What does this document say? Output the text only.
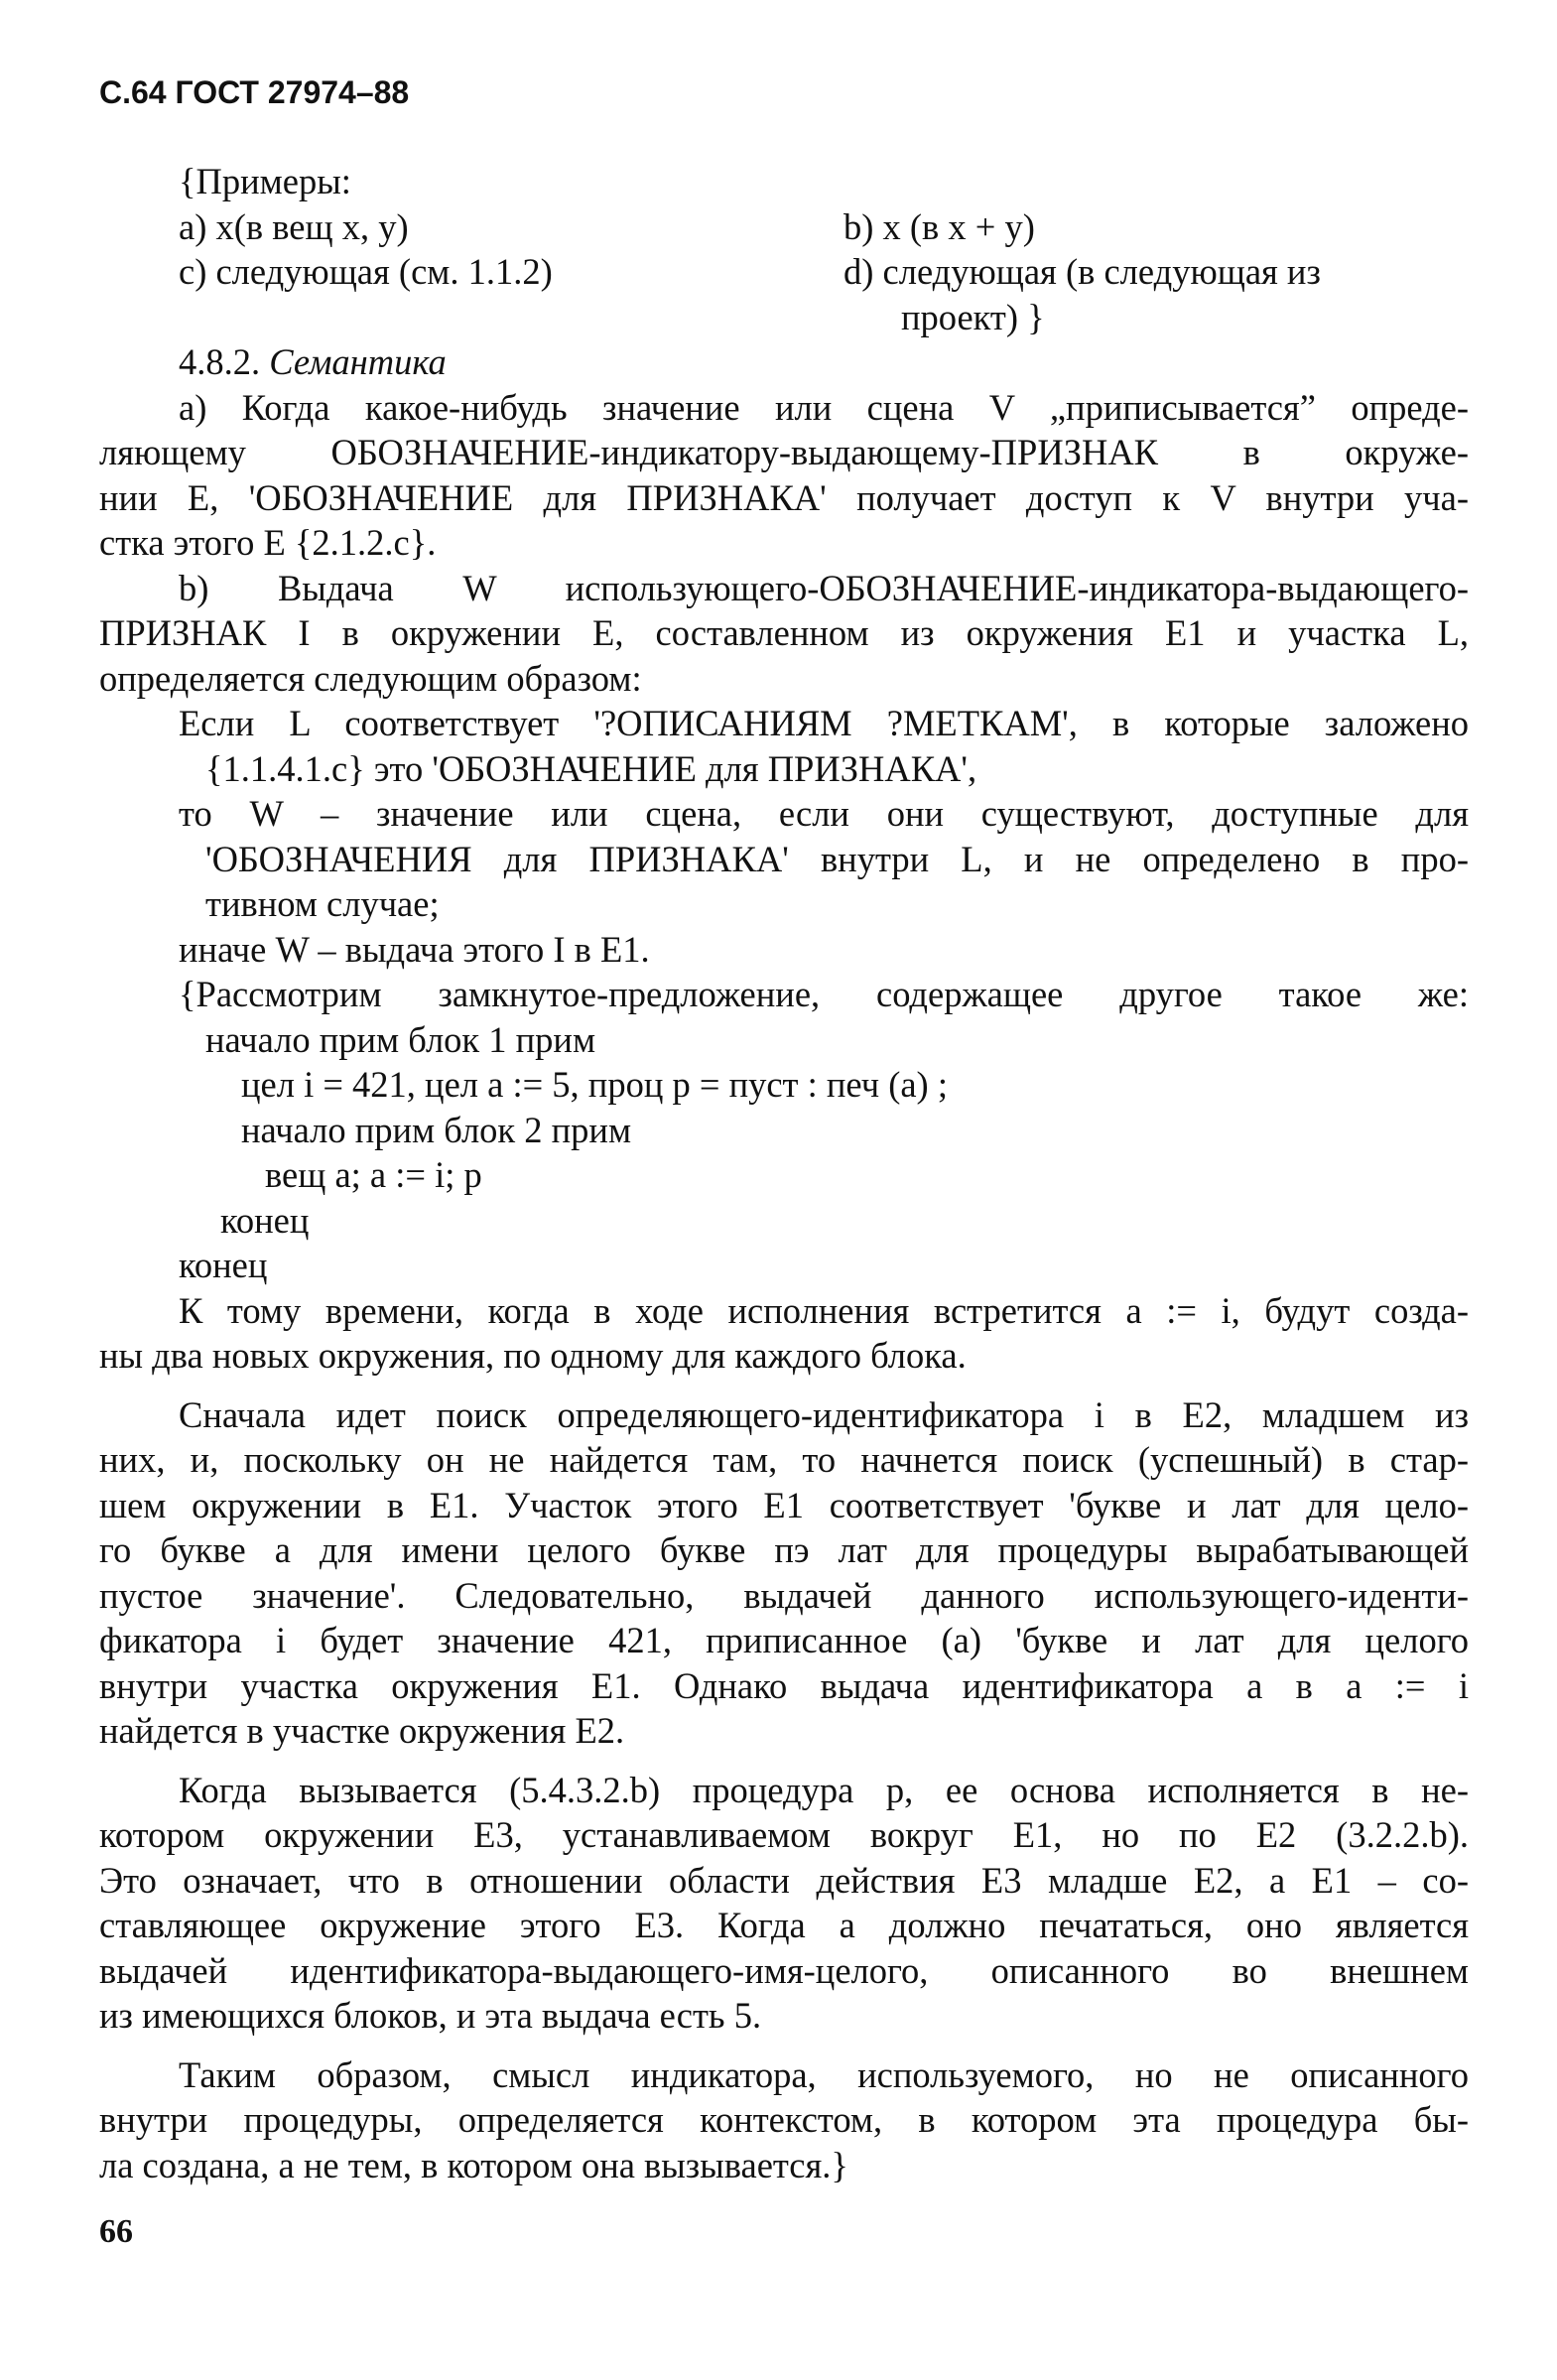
С.64 ГОСТ 27974–88
{Примеры:
a) x(в вещ x, y)	b) x (в x + y)
c) следующая (см. 1.1.2)	d) следующая (в следующая из
проект) }
4.8.2. Семантика
a) Когда какое-нибудь значение или сцена V „приписывается” опреде-
ляющему ОБОЗНАЧЕНИЕ-индикатору-выдающему-ПРИЗНАК в окруже-
нии E, 'ОБОЗНАЧЕНИЕ для ПРИЗНАКА' получает доступ к V внутри уча-
стка этого E {2.1.2.c}.
b) Выдача W использующего-ОБОЗНАЧЕНИЕ-индикатора-выдающего-
ПРИЗНАК I в окружении E, составленном из окружения E1 и участка L,
определяется следующим образом:
Если L соответствует '?ОПИСАНИЯМ ?МЕТКАМ', в которые заложено
{1.1.4.1.c} это 'ОБОЗНАЧЕНИЕ для ПРИЗНАКА',
то W – значение или сцена, если они существуют, доступные для
'ОБОЗНАЧЕНИЯ для ПРИЗНАКА' внутри L, и не определено в про-
тивном случае;
иначе W – выдача этого I в E1.
{Рассмотрим замкнутое-предложение, содержащее другое такое же:
начало прим блок 1 прим
цел i = 421, цел a := 5, проц p = пуст : печ (a) ;
начало прим блок 2 прим
вещ a; a := i; p
конец
конец
К тому времени, когда в ходе исполнения встретится a := i, будут созда-
ны два новых окружения, по одному для каждого блока.
Сначала идет поиск определяющего-идентификатора i в E2, младшем из
них, и, поскольку он не найдется там, то начнется поиск (успешный) в стар-
шем окружении в E1. Участок этого E1 соответствует 'букве и лат для цело-
го букве a для имени целого букве пэ лат для процедуры вырабатывающей
пустое значение'. Следовательно, выдачей данного использующего-иденти-
фикатора i будет значение 421, приписанное (a) 'букве и лат для целого
внутри участка окружения E1. Однако выдача идентификатора a в a := i
найдется в участке окружения E2.
Когда вызывается (5.4.3.2.b) процедура p, ее основа исполняется в не-
котором окружении E3, устанавливаемом вокруг E1, но по E2 (3.2.2.b).
Это означает, что в отношении области действия E3 младше E2, а E1 – со-
ставляющее окружение этого E3. Когда a должно печататься, оно является
выдачей идентификатора-выдающего-имя-целого, описанного во внешнем
из имеющихся блоков, и эта выдача есть 5.
Таким образом, смысл индикатора, используемого, но не описанного
внутри процедуры, определяется контекстом, в котором эта процедура бы-
ла создана, а не тем, в котором она вызывается.}
66
